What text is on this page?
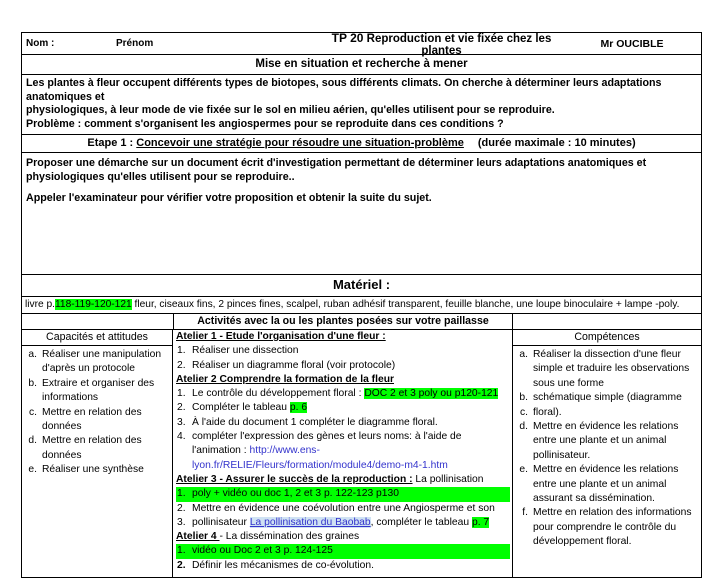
Nom :	Prénom	TP 20 Reproduction et vie fixée chez les plantes
Mr OUCIBLE
Mise en situation et recherche à mener

Les plantes à fleur occupent différents types de biotopes, sous différents climats. On cherche à déterminer leurs adaptations anatomiques et

physiologiques, à leur mode de vie fixée sur le sol en milieu aérien, qu'elles utilisent pour se reproduire.

Problème : comment s'organisent les angiospermes pour se reproduite dans ces conditions ?

Etape 1 : Concevoir une stratégie pour résoudre une situation-problème (durée maximale : 10 minutes)

Proposer une démarche sur un document écrit d'investigation permettant de déterminer leurs adaptations anatomiques et physiologiques qu'elles utilisent pour se reproduire..

Appeler l'examinateur pour vérifier votre proposition et obtenir la suite du sujet.

Matériel :
livre p.118-119-120-121 fleur, ciseaux fins, 2 pinces fines, scalpel, ruban adhésif transparent, feuille blanche, une loupe binoculaire + lampe -poly.
Activités avec la ou les plantes posées sur votre paillasse
Capacités et attitudes
a. Réaliser une manipulation d'après un protocole
b. Extraire et organiser des informations
c. Mettre en relation des données
d. Mettre en relation des données
e. Réaliser une synthèse
Atelier 1 - Etude l'organisation d'une fleur :
1. Réaliser une dissection
2. Réaliser un diagramme floral (voir protocole)
Atelier 2 Comprendre la formation de la fleur
1. Le contrôle du développement floral : DOC 2 et 3 poly ou p120-121
2. Compléter le tableau p. 6
3. À l'aide du document 1 compléter le diagramme floral.
4. compléter l'expression des gènes et leurs noms: à l'aide de l'animation : http://www.ens-
lyon.fr/RELIE/Fleurs/formation/module4/demo-m4-1.htm
Atelier 3 - Assurer le succès de la reproduction : La pollinisation
1. poly + vidéo ou doc 1, 2 et 3 p. 122-123 p130
2. Mettre en évidence une coévolution entre une Angiosperme et son
3. pollinisateur La pollinisation du Baobab, compléter le tableau p. 7
Atelier 4 - La dissémination des graines
1. vidéo ou Doc 2 et 3 p. 124-125
2. Définir les mécanismes de co-évolution.
Compétences
a. Réaliser la dissection d'une fleur simple et traduire les observations sous une forme
b. schématique simple (diagramme
c. floral).
d. Mettre en évidence les relations entre une plante et un animal pollinisateur.
e. Mettre en évidence les relations entre une plante et un animal assurant sa dissémination.
f. Mettre en relation des informations pour comprendre le contrôle du développement floral.
